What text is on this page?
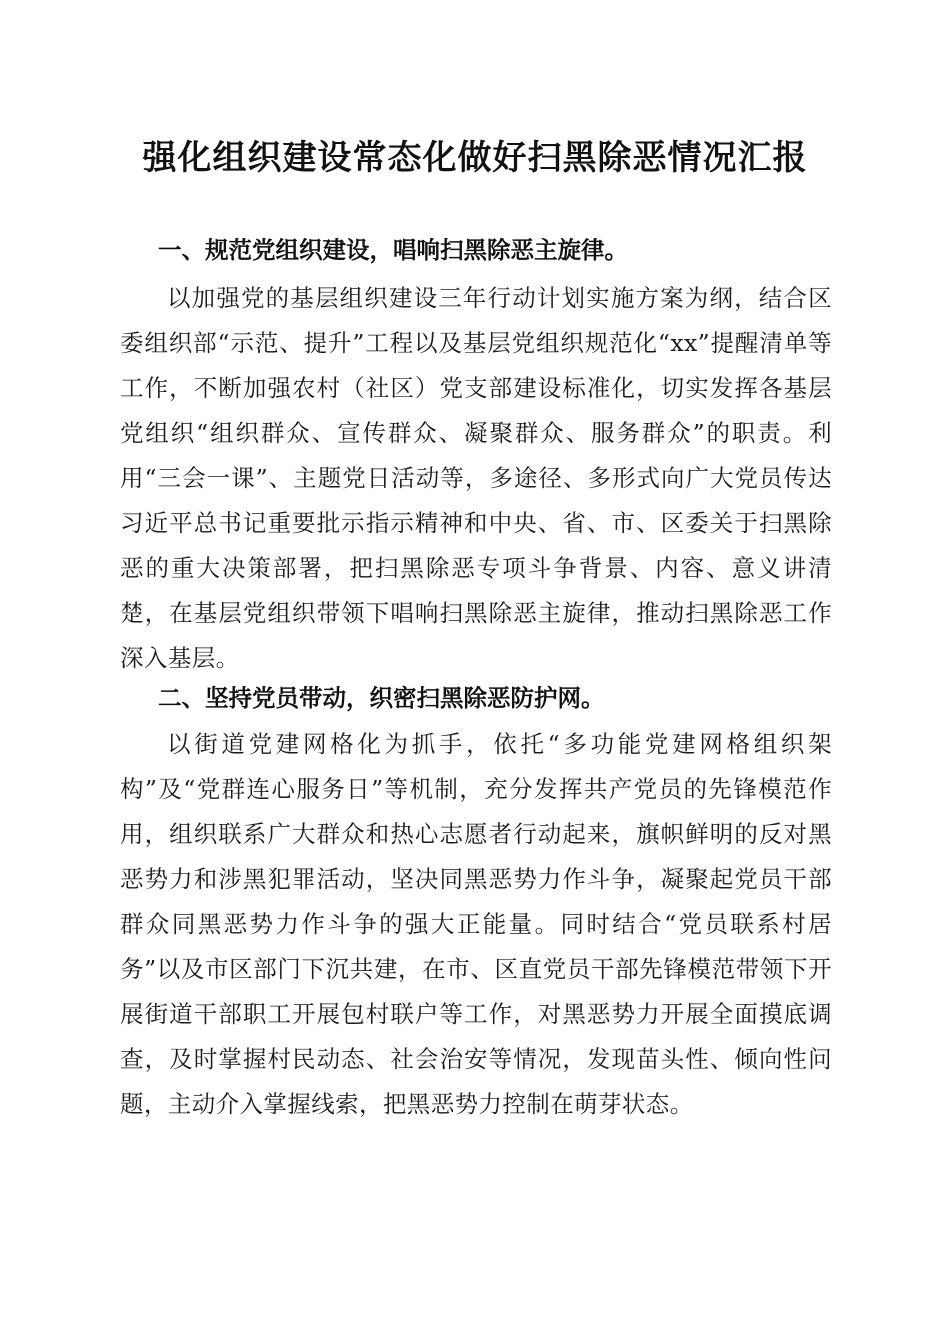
强化组织建设常态化做好扫黑除恶情况汇报
一、规范党组织建设，唱响扫黑除恶主旋律。
以加强党的基层组织建设三年行动计划实施方案为纲，结合区委组织部“示范、提升”工程以及基层党组织规范化“xx”提醒清单等工作，不断加强农村（社区）党支部建设标准化，切实发挥各基层党组织“组织群众、宣传群众、凝聚群众、服务群众”的职责。利用“三会一课”、主题党日活动等，多途径、多形式向广大党员传达习近平总书记重要批示指示精神和中央、省、市、区委关于扫黑除恶的重大决策部署，把扫黑除恶专项斗争背景、内容、意义讲清楚，在基层党组织带领下唱响扫黑除恶主旋律，推动扫黑除恶工作深入基层。
二、坚持党员带动，织密扫黑除恶防护网。
以街道党建网格化为抓手，依托“多功能党建网格组织架构”及“党群连心服务日”等机制，充分发挥共产党员的先锋模范作用，组织联系广大群众和热心志愿者行动起来，旗帜鲜明的反对黑恶势力和涉黑犯罪活动，坚决同黑恶势力作斗争，凝聚起党员干部群众同黑恶势力作斗争的强大正能量。同时结合“党员联系村居务”以及市区部门下沉共建，在市、区直党员干部先锋模范带领下开展街道干部职工开展包村联户等工作，对黑恶势力开展全面摸底调查，及时掌握村民动态、社会治安等情况，发现苗头性、倾向性问题，主动介入掌握线索，把黑恶势力控制在萌芽状态。
